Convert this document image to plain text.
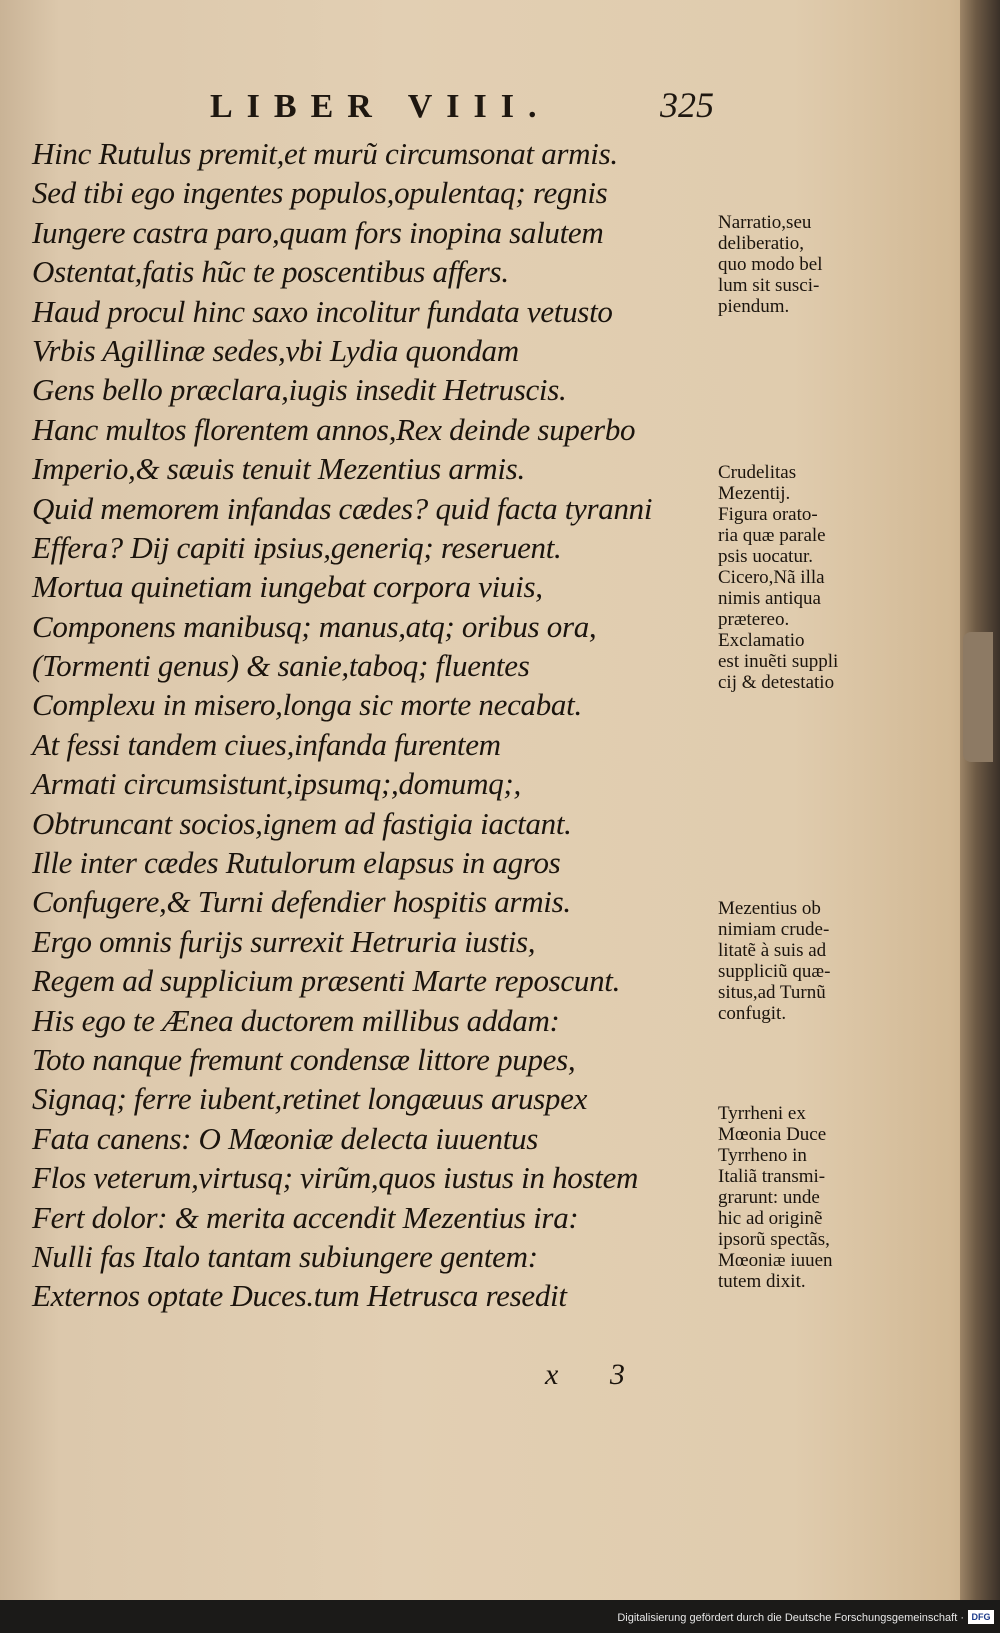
LIBER VIII.	325
Hinc Rutulus premit,et murũ circumsonat armis.
Sed tibi ego ingentes populos,opulentaq; regnis
Iungere castra paro,quam fors inopina salutem
Ostentat,fatis hũc te poscentibus affers.
Haud procul hinc saxo incolitur fundata vetusto
Vrbis Agillinæ sedes,vbi Lydia quondam
Gens bello præclara,iugis insedit Hetruscis.
Hanc multos florentem annos,Rex deinde superbo
Imperio,& sæuis tenuit Mezentius armis.
Quid memorem infandas cædes? quid facta tyranni
Effera? Dij capiti ipsius,generiq; reseruent.
Mortua quinetiam iungebat corpora viuis,
Componens manibusq; manus,atq; oribus ora,
(Tormenti genus) & sanie,taboq; fluentes
Complexu in misero,longa sic morte necabat.
At fessi tandem ciues,infanda furentem
Armati circumsistunt,ipsumq;,domumq;,
Obtruncant socios,ignem ad fastigia iactant.
Ille inter cædes Rutulorum elapsus in agros
Confugere,& Turni defendier hospitis armis.
Ergo omnis furijs surrexit Hetruria iustis,
Regem ad supplicium præsenti Marte reposcunt.
His ego te Ænea ductorem millibus addam:
Toto nanque fremunt condensæ littore pupes,
Signaq; ferre iubent,retinet longæuus aruspex
Fata canens: O Mœoniæ delecta iuuentus
Flos veterum,virtusq; virũm,quos iustus in hostem
Fert dolor: & merita accendit Mezentius ira:
Nulli fas Italo tantam subiungere gentem:
Externos optate Duces.tum Hetrusca resedit
Narratio,seu
deliberatio,
quo modo bel
lum sit susci-
piendum.
Crudelitas
Mezentij.
Figura orato-
ria quæ parale
psis uocatur.
Cicero,Nã illa
nimis antiqua
prætereo.
Exclamatio
est inuẽti suppli
cij & detestatio
Mezentius ob
nimiam crude-
litatẽ à suis ad
suppliciũ quæ-
situs,ad Turnũ
confugit.
Tyrrheni ex
Mœonia Duce
Tyrrheno in
Italiã transmi-
grarunt: unde
hic ad originẽ
ipsorũ spectãs,
Mœoniæ iuuen
tutem dixit.
x 3
Digitalisierung gefördert durch die Deutsche Forschungsgemeinschaft · DFG
